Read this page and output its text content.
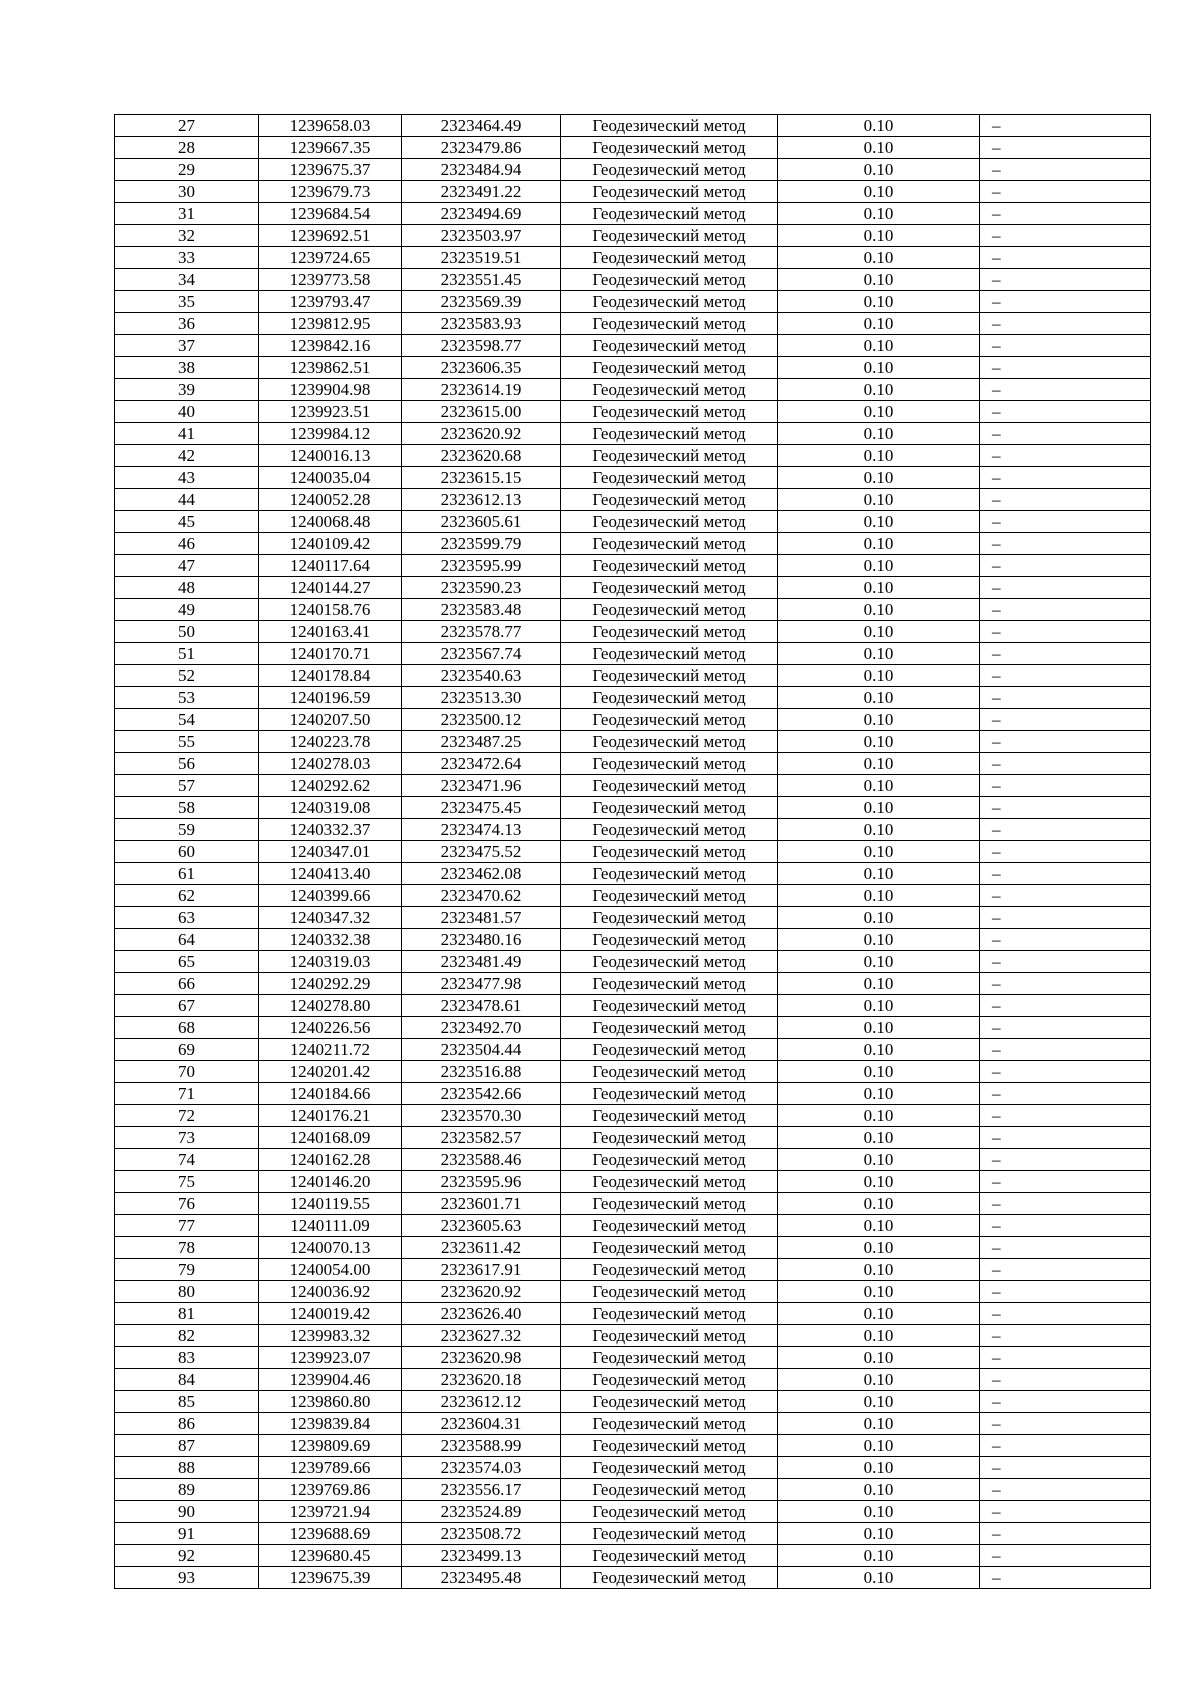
27	1239658.03	2323464.49	Геодезический метод	0.10	–
28	1239667.35	2323479.86	Геодезический метод	0.10	–
29	1239675.37	2323484.94	Геодезический метод	0.10	–
30	1239679.73	2323491.22	Геодезический метод	0.10	–
31	1239684.54	2323494.69	Геодезический метод	0.10	–
32	1239692.51	2323503.97	Геодезический метод	0.10	–
33	1239724.65	2323519.51	Геодезический метод	0.10	–
34	1239773.58	2323551.45	Геодезический метод	0.10	–
35	1239793.47	2323569.39	Геодезический метод	0.10	–
36	1239812.95	2323583.93	Геодезический метод	0.10	–
37	1239842.16	2323598.77	Геодезический метод	0.10	–
38	1239862.51	2323606.35	Геодезический метод	0.10	–
39	1239904.98	2323614.19	Геодезический метод	0.10	–
40	1239923.51	2323615.00	Геодезический метод	0.10	–
41	1239984.12	2323620.92	Геодезический метод	0.10	–
42	1240016.13	2323620.68	Геодезический метод	0.10	–
43	1240035.04	2323615.15	Геодезический метод	0.10	–
44	1240052.28	2323612.13	Геодезический метод	0.10	–
45	1240068.48	2323605.61	Геодезический метод	0.10	–
46	1240109.42	2323599.79	Геодезический метод	0.10	–
47	1240117.64	2323595.99	Геодезический метод	0.10	–
48	1240144.27	2323590.23	Геодезический метод	0.10	–
49	1240158.76	2323583.48	Геодезический метод	0.10	–
50	1240163.41	2323578.77	Геодезический метод	0.10	–
51	1240170.71	2323567.74	Геодезический метод	0.10	–
52	1240178.84	2323540.63	Геодезический метод	0.10	–
53	1240196.59	2323513.30	Геодезический метод	0.10	–
54	1240207.50	2323500.12	Геодезический метод	0.10	–
55	1240223.78	2323487.25	Геодезический метод	0.10	–
56	1240278.03	2323472.64	Геодезический метод	0.10	–
57	1240292.62	2323471.96	Геодезический метод	0.10	–
58	1240319.08	2323475.45	Геодезический метод	0.10	–
59	1240332.37	2323474.13	Геодезический метод	0.10	–
60	1240347.01	2323475.52	Геодезический метод	0.10	–
61	1240413.40	2323462.08	Геодезический метод	0.10	–
62	1240399.66	2323470.62	Геодезический метод	0.10	–
63	1240347.32	2323481.57	Геодезический метод	0.10	–
64	1240332.38	2323480.16	Геодезический метод	0.10	–
65	1240319.03	2323481.49	Геодезический метод	0.10	–
66	1240292.29	2323477.98	Геодезический метод	0.10	–
67	1240278.80	2323478.61	Геодезический метод	0.10	–
68	1240226.56	2323492.70	Геодезический метод	0.10	–
69	1240211.72	2323504.44	Геодезический метод	0.10	–
70	1240201.42	2323516.88	Геодезический метод	0.10	–
71	1240184.66	2323542.66	Геодезический метод	0.10	–
72	1240176.21	2323570.30	Геодезический метод	0.10	–
73	1240168.09	2323582.57	Геодезический метод	0.10	–
74	1240162.28	2323588.46	Геодезический метод	0.10	–
75	1240146.20	2323595.96	Геодезический метод	0.10	–
76	1240119.55	2323601.71	Геодезический метод	0.10	–
77	1240111.09	2323605.63	Геодезический метод	0.10	–
78	1240070.13	2323611.42	Геодезический метод	0.10	–
79	1240054.00	2323617.91	Геодезический метод	0.10	–
80	1240036.92	2323620.92	Геодезический метод	0.10	–
81	1240019.42	2323626.40	Геодезический метод	0.10	–
82	1239983.32	2323627.32	Геодезический метод	0.10	–
83	1239923.07	2323620.98	Геодезический метод	0.10	–
84	1239904.46	2323620.18	Геодезический метод	0.10	–
85	1239860.80	2323612.12	Геодезический метод	0.10	–
86	1239839.84	2323604.31	Геодезический метод	0.10	–
87	1239809.69	2323588.99	Геодезический метод	0.10	–
88	1239789.66	2323574.03	Геодезический метод	0.10	–
89	1239769.86	2323556.17	Геодезический метод	0.10	–
90	1239721.94	2323524.89	Геодезический метод	0.10	–
91	1239688.69	2323508.72	Геодезический метод	0.10	–
92	1239680.45	2323499.13	Геодезический метод	0.10	–
93	1239675.39	2323495.48	Геодезический метод	0.10	–
